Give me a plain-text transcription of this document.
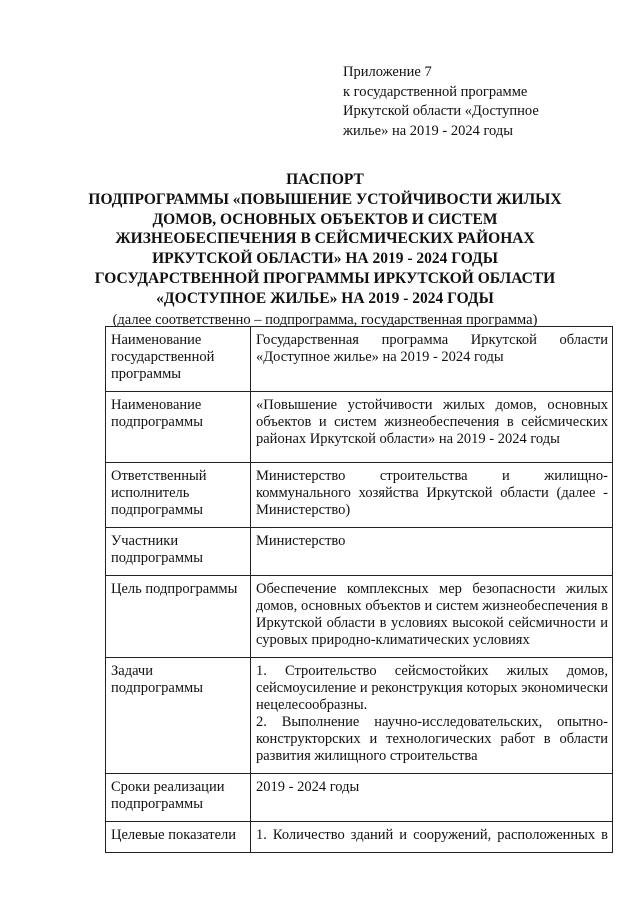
Приложение 7
к государственной программе
Иркутской области «Доступное
жилье» на 2019 - 2024 годы
ПАСПОРТ
ПОДПРОГРАММЫ «ПОВЫШЕНИЕ УСТОЙЧИВОСТИ ЖИЛЫХ
ДОМОВ, ОСНОВНЫХ ОБЪЕКТОВ И СИСТЕМ
ЖИЗНЕОБЕСПЕЧЕНИЯ В СЕЙСМИЧЕСКИХ РАЙОНАХ
ИРКУТСКОЙ ОБЛАСТИ» НА 2019 - 2024 ГОДЫ
ГОСУДАРСТВЕННОЙ ПРОГРАММЫ ИРКУТСКОЙ ОБЛАСТИ
«ДОСТУПНОЕ ЖИЛЬЕ» НА 2019 - 2024 ГОДЫ
(далее соответственно – подпрограмма, государственная программа)
Наименование государственной программы	Государственная программа Иркутской области «Доступное жилье» на 2019 - 2024 годы
Наименование подпрограммы	«Повышение устойчивости жилых домов, основных объектов и систем жизнеобеспечения в сейсмических районах Иркутской области» на 2019 - 2024 годы
Ответственный исполнитель подпрограммы	Министерство строительства и жилищно-коммунального хозяйства Иркутской области (далее - Министерство)
Участники подпрограммы	Министерство
Цель подпрограммы	Обеспечение комплексных мер безопасности жилых домов, основных объектов и систем жизнеобеспечения в Иркутской области в условиях высокой сейсмичности и суровых природно-климатических условиях
Задачи подпрограммы	1. Строительство сейсмостойких жилых домов, сейсмоусиление и реконструкция которых экономически нецелесообразны.
2. Выполнение научно-исследовательских, опытно-конструкторских и технологических работ в области развития жилищного строительства

Сроки реализации подпрограммы	2019 - 2024 годы
Целевые показатели	1. Количество зданий и сооружений, расположенных в
